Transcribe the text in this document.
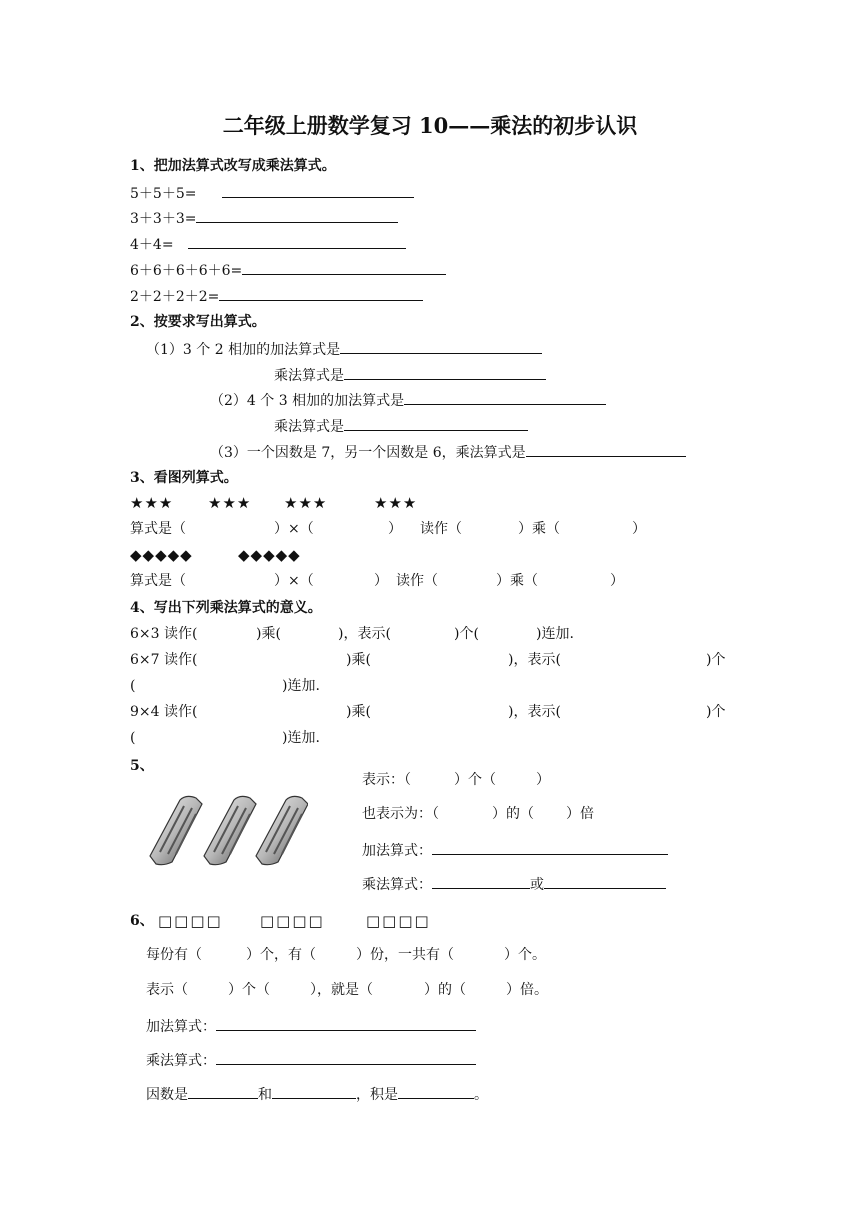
二年级上册数学复习 10——乘法的初步认识
1、把加法算式改写成乘法算式。
5＋5＋5=
3＋3＋3=
4＋4=
6＋6＋6＋6＋6=
2＋2＋2＋2=
2、按要求写出算式。
（1）3 个 2 相加的加法算式是
乘法算式是
（2）4 个 3 相加的加法算式是
乘法算式是
（3）一个因数是 7，另一个因数是 6，乘法算式是
3、看图列算式。
★★★ ★★★ ★★★	★★★
算式是（	）×（	） 读作（	）乘（	）
◆◆◆◆◆	◆◆◆◆◆
算式是（	）×（	） 读作（	）乘（	）
4、写出下列乘法算式的意义。
6×3 读作(	)乘(	)，表示(	)个(	)连加.
6×7 读作(	)乘(	)，表示(	)个
(	)连加.
9×4 读作(	)乘(	)，表示(	)个
(	)连加.
5、
表示：（	）个（	）
也表示为：（	）的（ ）倍
加法算式：
乘法算式：	或
6、 □□□□ □□□□	□□□□
每份有（	）个，有（	）份，一共有（	）个。
表示（	）个（	），就是（	）的（	）倍。
加法算式：
乘法算式：
因数是	和	，积是	。
